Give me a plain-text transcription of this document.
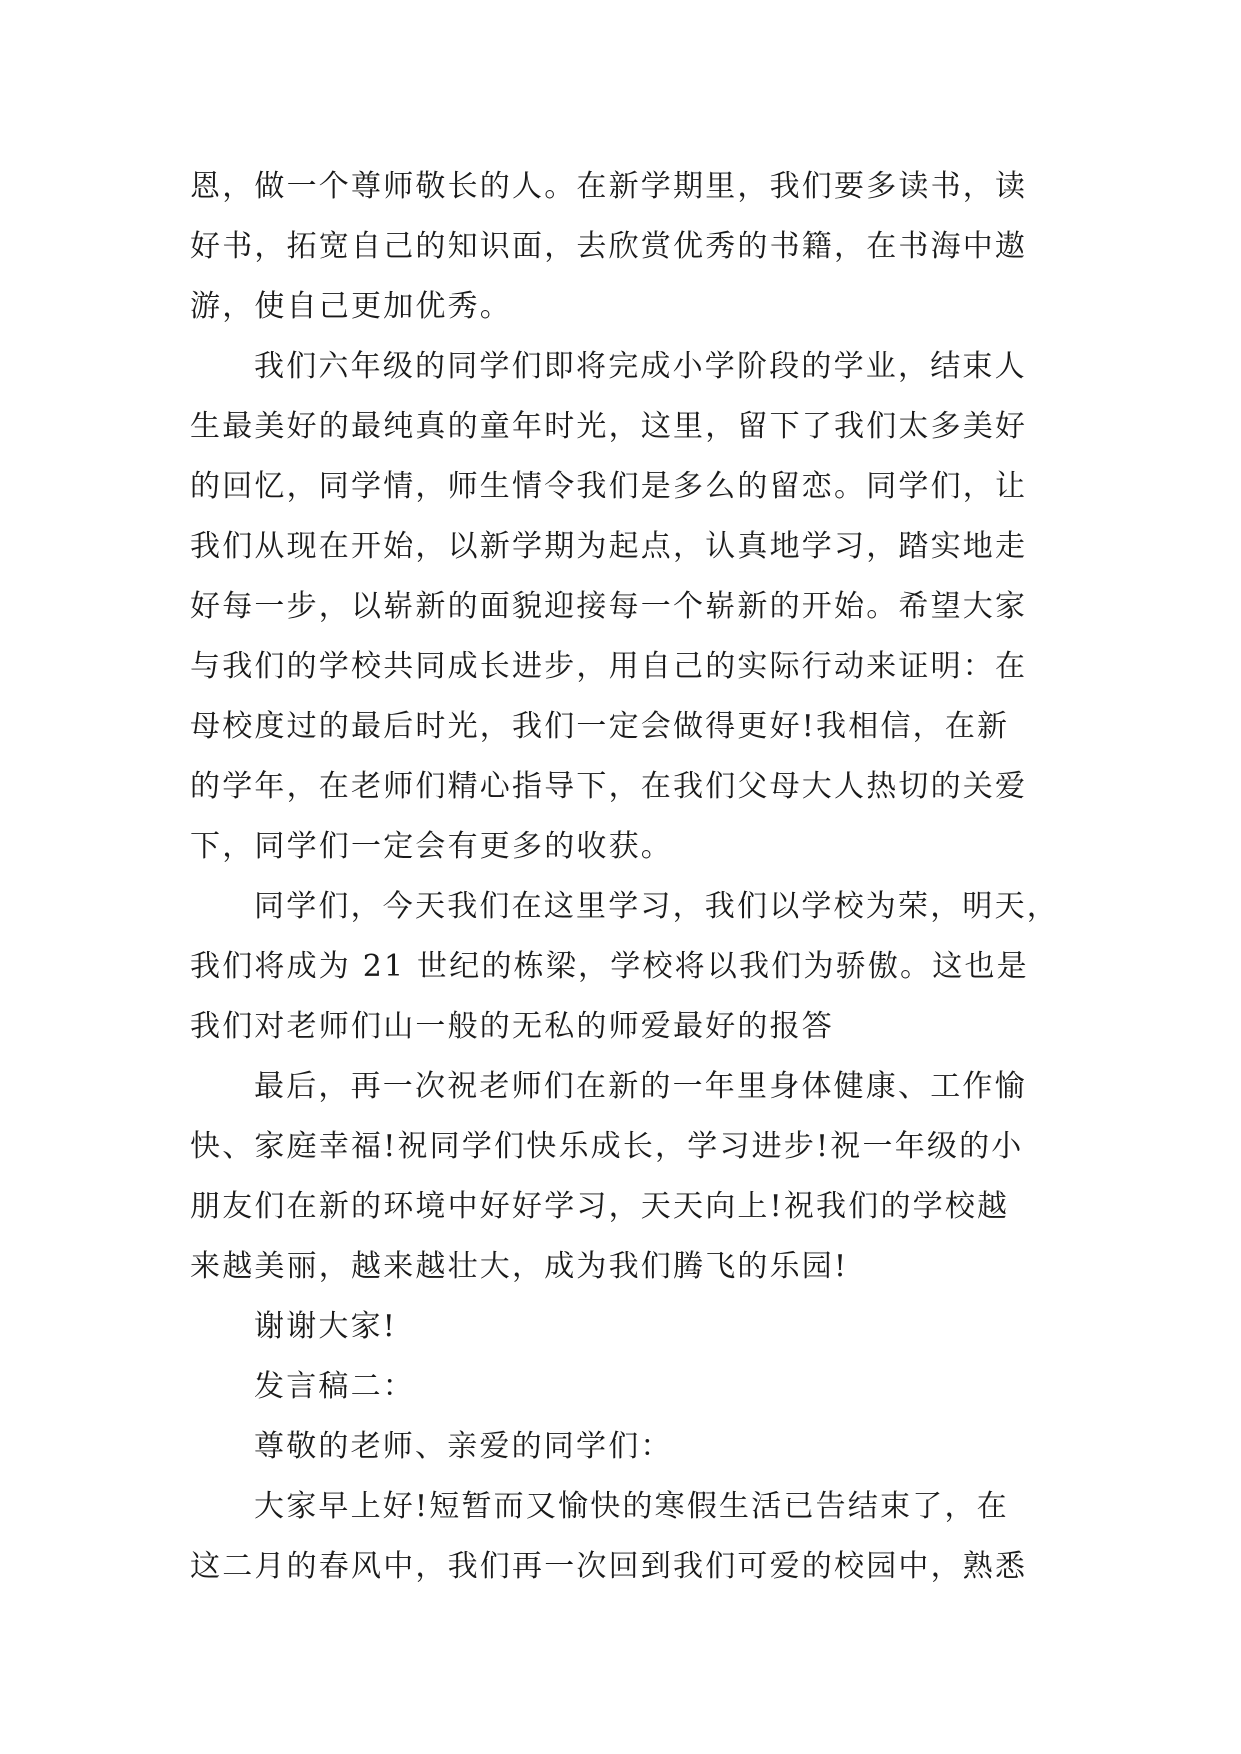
恩，做一个尊师敬长的人。在新学期里，我们要多读书，读
好书，拓宽自己的知识面，去欣赏优秀的书籍，在书海中遨
游，使自己更加优秀。
我们六年级的同学们即将完成小学阶段的学业，结束人
生最美好的最纯真的童年时光，这里，留下了我们太多美好
的回忆，同学情，师生情令我们是多么的留恋。同学们，让
我们从现在开始，以新学期为起点，认真地学习，踏实地走
好每一步，以崭新的面貌迎接每一个崭新的开始。希望大家
与我们的学校共同成长进步，用自己的实际行动来证明：在
母校度过的最后时光，我们一定会做得更好!我相信，在新
的学年，在老师们精心指导下，在我们父母大人热切的关爱
下，同学们一定会有更多的收获。
同学们，今天我们在这里学习，我们以学校为荣，明天，
我们将成为 21 世纪的栋梁，学校将以我们为骄傲。这也是
我们对老师们山一般的无私的师爱最好的报答
最后，再一次祝老师们在新的一年里身体健康、工作愉
快、家庭幸福!祝同学们快乐成长，学习进步!祝一年级的小
朋友们在新的环境中好好学习，天天向上!祝我们的学校越
来越美丽，越来越壮大，成为我们腾飞的乐园!
谢谢大家!
发言稿二：
尊敬的老师、亲爱的同学们：
大家早上好!短暂而又愉快的寒假生活已告结束了，在
这二月的春风中，我们再一次回到我们可爱的校园中，熟悉
